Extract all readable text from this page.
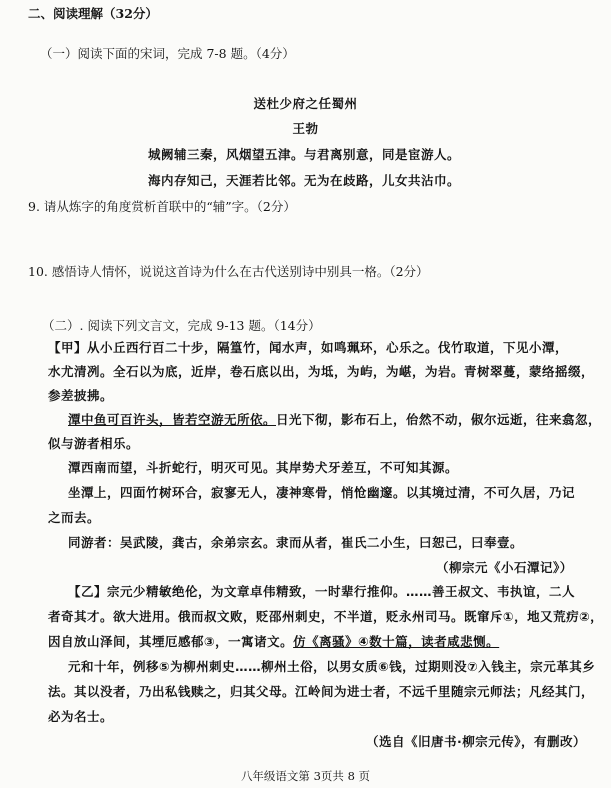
二、阅读理解（32分）
（一）阅读下面的宋词，完成 7-8 题。（4分）
送杜少府之任蜀州
王勃
城阙辅三秦，风烟望五津。与君离别意，同是宦游人。
海内存知己，天涯若比邻。无为在歧路，儿女共沾巾。
9. 请从炼字的角度赏析首联中的“辅”字。（2分）
10. 感悟诗人情怀，说说这首诗为什么在古代送别诗中别具一格。（2分）
（二）. 阅读下列文言文，完成 9-13 题。（14分）
【甲】从小丘西行百二十步，隔篁竹，闻水声，如鸣珮环，心乐之。伐竹取道，下见小潭，
水尤清冽。全石以为底，近岸，卷石底以出，为坻，为屿，为嵁，为岩。青树翠蔓，蒙络摇缀，
参差披拂。
潭中鱼可百许头，皆若空游无所依。日光下彻，影布石上，佁然不动，俶尔远逝，往来翕忽，
似与游者相乐。
潭西南而望，斗折蛇行，明灭可见。其岸势犬牙差互，不可知其源。
坐潭上，四面竹树环合，寂寥无人，凄神寒骨，悄怆幽邃。以其境过清，不可久居，乃记
之而去。
同游者：吴武陵，龚古，余弟宗玄。隶而从者，崔氏二小生，曰恕己，曰奉壹。
（柳宗元《小石潭记》）
【乙】宗元少精敏绝伦，为文章卓伟精致，一时辈行推仰。……善王叔文、韦执谊，二人
者奇其才。欲大进用。俄而叔文败，贬邵州刺史，不半道，贬永州司马。既窜斥①，地又荒疠②，
因自放山泽间，其堙厄感郁③，一寓诸文。仿《离骚》④数十篇，读者咸悲恻。
元和十年，例移⑤为柳州刺史……柳州土俗，以男女质⑥钱，过期则没⑦入钱主，宗元革其乡
法。其以没者，乃出私钱赎之，归其父母。江岭间为进士者，不远千里随宗元师法；凡经其门，
必为名士。
（选自《旧唐书·柳宗元传》，有删改）
八年级语文第 3页共 8 页
